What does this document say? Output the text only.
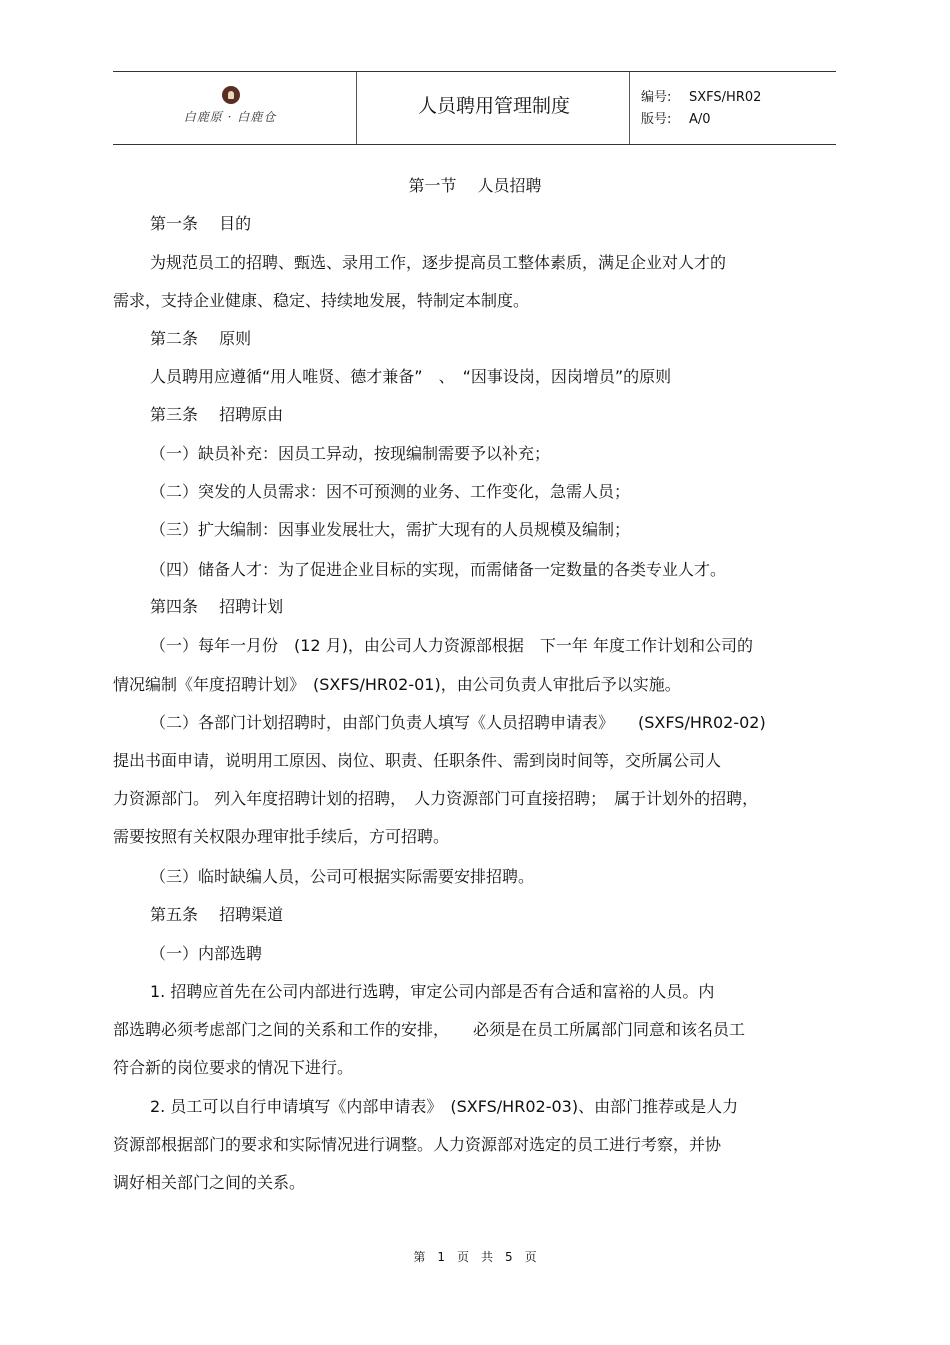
白鹿原 · 白鹿仓	人员聘用管理制度	编号: SXFS/HR02
版号: A/0
第一节　 人员招聘
第一条　 目的
为规范员工的招聘、甄选、录用工作，逐步提高员工整体素质，满足企业对人才的
需求，支持企业健康、稳定、持续地发展，特制定本制度。
第二条　 原则
人员聘用应遵循“用人唯贤、德才兼备”　、　“因事设岗，因岗增员”的原则
第三条　 招聘原由
（一）缺员补充：因员工异动，按现编制需要予以补充；
（二）突发的人员需求：因不可预测的业务、工作变化，急需人员；
（三）扩大编制：因事业发展壮大，需扩大现有的人员规模及编制；
（四）储备人才：为了促进企业目标的实现，而需储备一定数量的各类专业人才。
第四条　 招聘计划
（一）每年一月份　(12 月)，由公司人力资源部根据　下一年 年度工作计划和公司的
情况编制《年度招聘计划》　(SXFS/HR02-01)，由公司负责人审批后予以实施。
（二）各部门计划招聘时，由部门负责人填写《人员招聘申请表》　　(SXFS/HR02-02)
提出书面申请，说明用工原因、岗位、职责、任职条件、需到岗时间等，交所属公司人
力资源部门。 列入年度招聘计划的招聘，　人力资源部门可直接招聘；　属于计划外的招聘，
需要按照有关权限办理审批手续后，方可招聘。
（三）临时缺编人员，公司可根据实际需要安排招聘。
第五条　 招聘渠道
（一）内部选聘
1. 招聘应首先在公司内部进行选聘，审定公司内部是否有合适和富裕的人员。内
部选聘必须考虑部门之间的关系和工作的安排，　　必须是在员工所属部门同意和该名员工
符合新的岗位要求的情况下进行。
2. 员工可以自行申请填写《内部申请表》　(SXFS/HR02-03)、由部门推荐或是人力
资源部根据部门的要求和实际情况进行调整。人力资源部对选定的员工进行考察，并协
调好相关部门之间的关系。
第　1　页　共　5　页
